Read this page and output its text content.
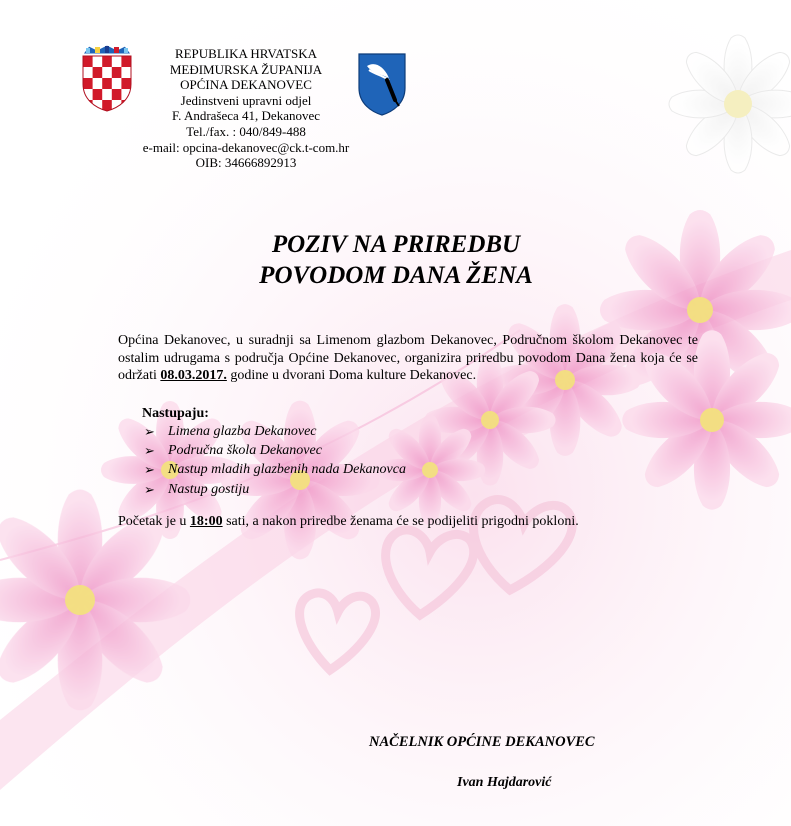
REPUBLIKA HRVATSKA
MEĐIMURSKA ŽUPANIJA
OPĆINA DEKANOVEC
Jedinstveni upravni odjel
F. Andrašeca 41, Dekanovec
Tel./fax. : 040/849-488
e-mail: opcina-dekanovec@ck.t-com.hr
OIB: 34666892913
POZIV NA PRIREDBU
POVODOM DANA ŽENA
Općina Dekanovec, u suradnji sa Limenom glazbom Dekanovec, Područnom školom Dekanovec te ostalim udrugama s područja Općine Dekanovec, organizira priredbu povodom Dana žena koja će se održati 08.03.2017. godine u dvorani Doma kulture Dekanovec.
Nastupaju:
➢ Limena glazba Dekanovec
➢ Područna škola Dekanovec
➢ Nastup mladih glazbenih nada Dekanovca
➢ Nastup gostiju
Početak je u 18:00 sati, a nakon priredbe ženama će se podijeliti prigodni pokloni.
NAČELNIK OPĆINE DEKANOVEC
Ivan Hajdarović
